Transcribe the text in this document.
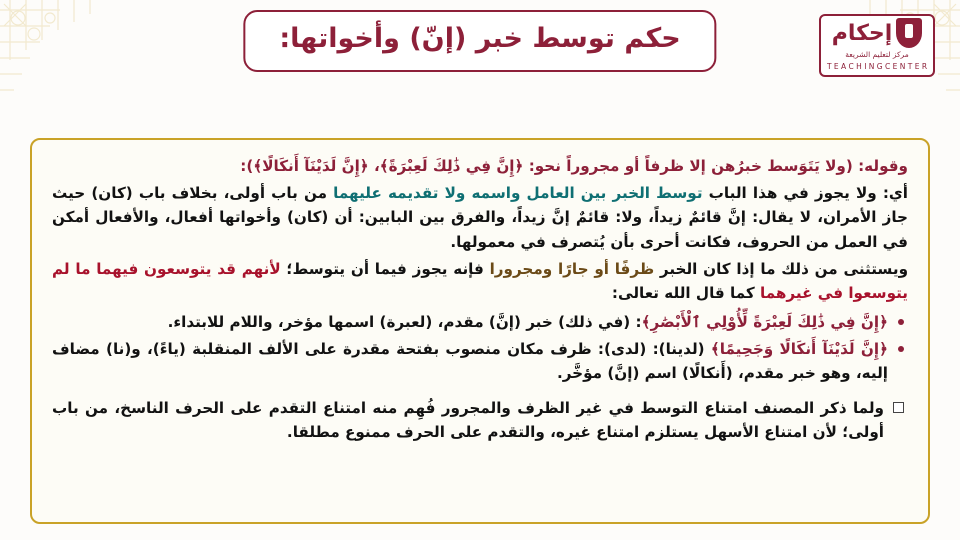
حكم توسط خبر (إنّ) وأخواتها:	إحكام
مركز لتعليم الشريعة
T E A C H I N G C E N T E R

وقوله: (ولا يَتَوَسط خبرُهن إلا ظرفاً أو مجروراً نحو: ﴿إِنَّ فِي ذَٰلِكَ لَعِبْرَةً﴾، ﴿إِنَّ لَدَيْنَآ أَنكَالًا﴾):

أي: ولا يجوز في هذا الباب توسط الخبر بين العامل واسمه ولا تقديمه عليهما من باب أولى، بخلاف باب (كان) حيث جاز الأمران، لا يقال: إنَّ قائمٌ زيداً، ولا: قائمٌ إنَّ زيداً، والفرق بين البابين: أن (كان) وأخواتها أفعال، والأفعال أمكن في العمل من الحروف، فكانت أحرى بأن يُتصرف في معمولها.

ويستثنى من ذلك ما إذا كان الخبر ظرفًا أو جارًا ومجرورا فإنه يجوز فيما أن يتوسط؛ لأنهم قد يتوسعون فيهما ما لم يتوسعوا في غيرهما كما قال الله تعالى:

﴿إِنَّ فِي ذَٰلِكَ لَعِبْرَةً لِّأُوْلِي ٱلْأَبْصَٰرِ﴾: (في ذلك) خبر (إنَّ) مقدم، (لعبرة) اسمها مؤخر، واللام للابتداء.
﴿إِنَّ لَدَيْنَآ أَنكَالًا وَجَحِيمًا﴾ (لدينا): (لدى): ظرف مكان منصوب بفتحة مقدرة على الألف المنقلبة (ياءً)، و(نا) مضاف إليه، وهو خبر مقدم، (أَنكالًا) اسم (إنَّ) مؤخَّر.
ولما ذكر المصنف امتناع التوسط في غير الظرف والمجرور فُهِم منه امتناع التقدم على الحرف الناسخ، من باب أولى؛ لأن امتناع الأسهل يستلزم امتناع غيره، والتقدم على الحرف ممنوع مطلقا.
